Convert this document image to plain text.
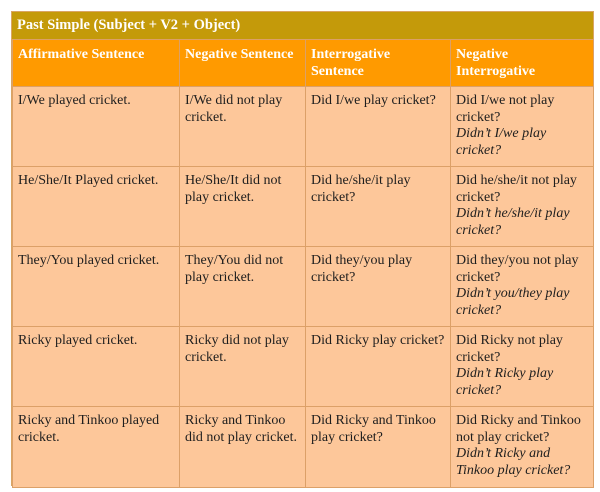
Past Simple (Subject + V2 + Object)
Affirmative Sentence	Negative Sentence	Interrogative Sentence	Negative Interrogative
I/We played cricket.	I/We did not play cricket.	Did I/we play cricket?	Did I/we not play cricket?
Didn’t I/we play cricket?

He/She/It Played cricket.	He/She/It did not play cricket.	Did he/she/it play cricket?	Did he/she/it not play cricket?
Didn’t he/she/it play cricket?

They/You played cricket.	They/You did not play cricket.	Did they/you play cricket?	Did they/you not play cricket?
Didn’t you/they play cricket?

Ricky played cricket.	Ricky did not play cricket.	Did Ricky play cricket?	Did Ricky not play cricket?
Didn’t Ricky play cricket?

Ricky and Tinkoo played cricket.	Ricky and Tinkoo did not play cricket.	Did Ricky and Tinkoo play cricket?	Did Ricky and Tinkoo not play cricket?
Didn’t Ricky and Tinkoo play cricket?
